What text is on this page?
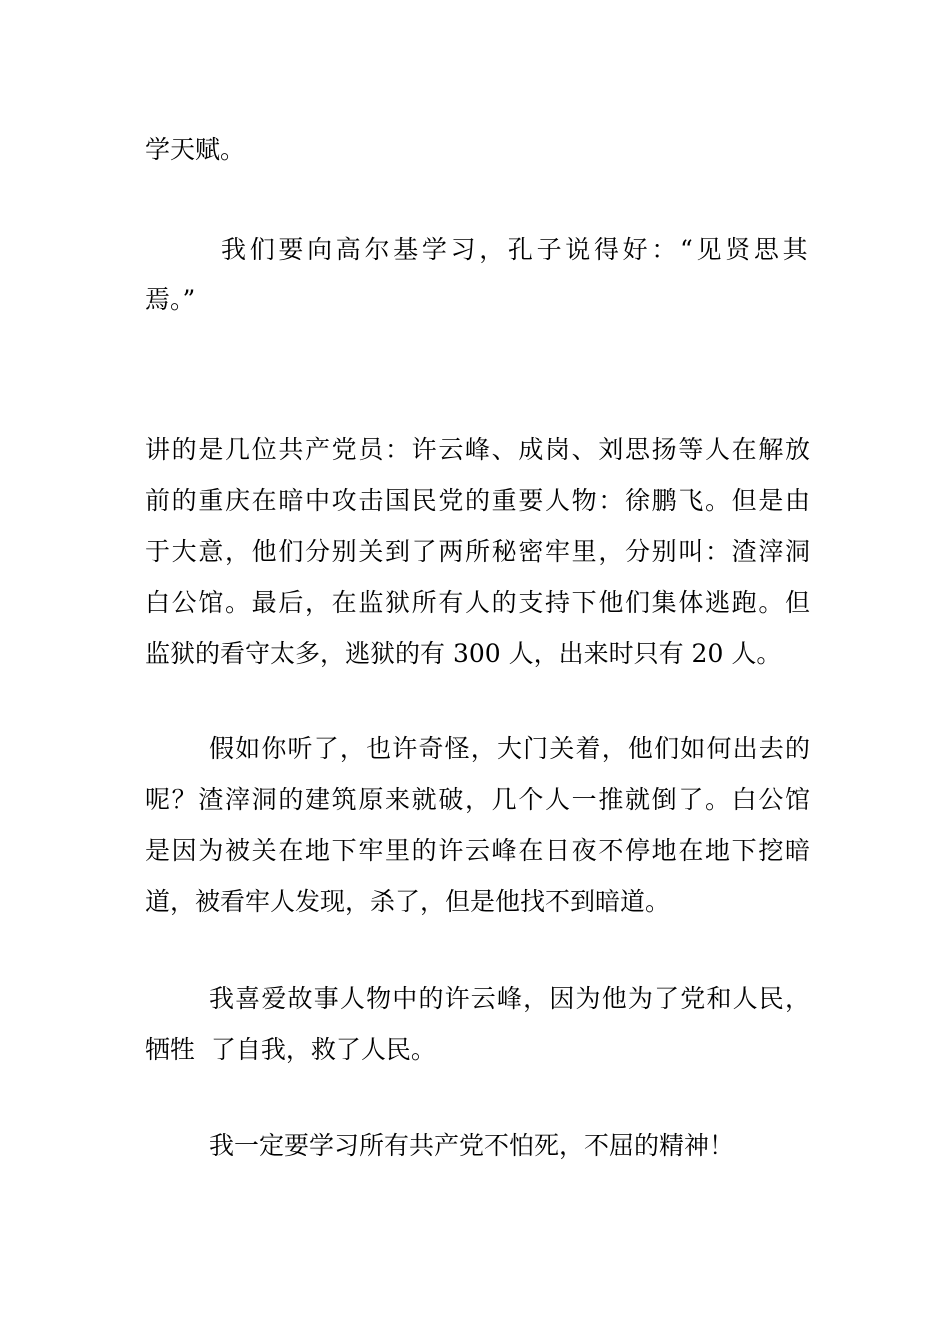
学天赋。

我们要向高尔基学习，孔子说得好：“见贤思其
焉。”

讲的是几位共产党员：许云峰、成岗、刘思扬等人在解放
前的重庆在暗中攻击国民党的重要人物：徐鹏飞。但是由
于大意，他们分别关到了两所秘密牢里，分别叫：渣滓洞
白公馆。最后，在监狱所有人的支持下他们集体逃跑。但
监狱的看守太多，逃狱的有 300 人，出来时只有 20 人。

假如你听了，也许奇怪，大门关着，他们如何出去的
呢？渣滓洞的建筑原来就破，几个人一推就倒了。白公馆
是因为被关在地下牢里的许云峰在日夜不停地在地下挖暗
道，被看牢人发现，杀了，但是他找不到暗道。

我喜爱故事人物中的许云峰，因为他为了党和人民，
牺牲  了自我，救了人民。

我一定要学习所有共产党不怕死，不屈的精神！
